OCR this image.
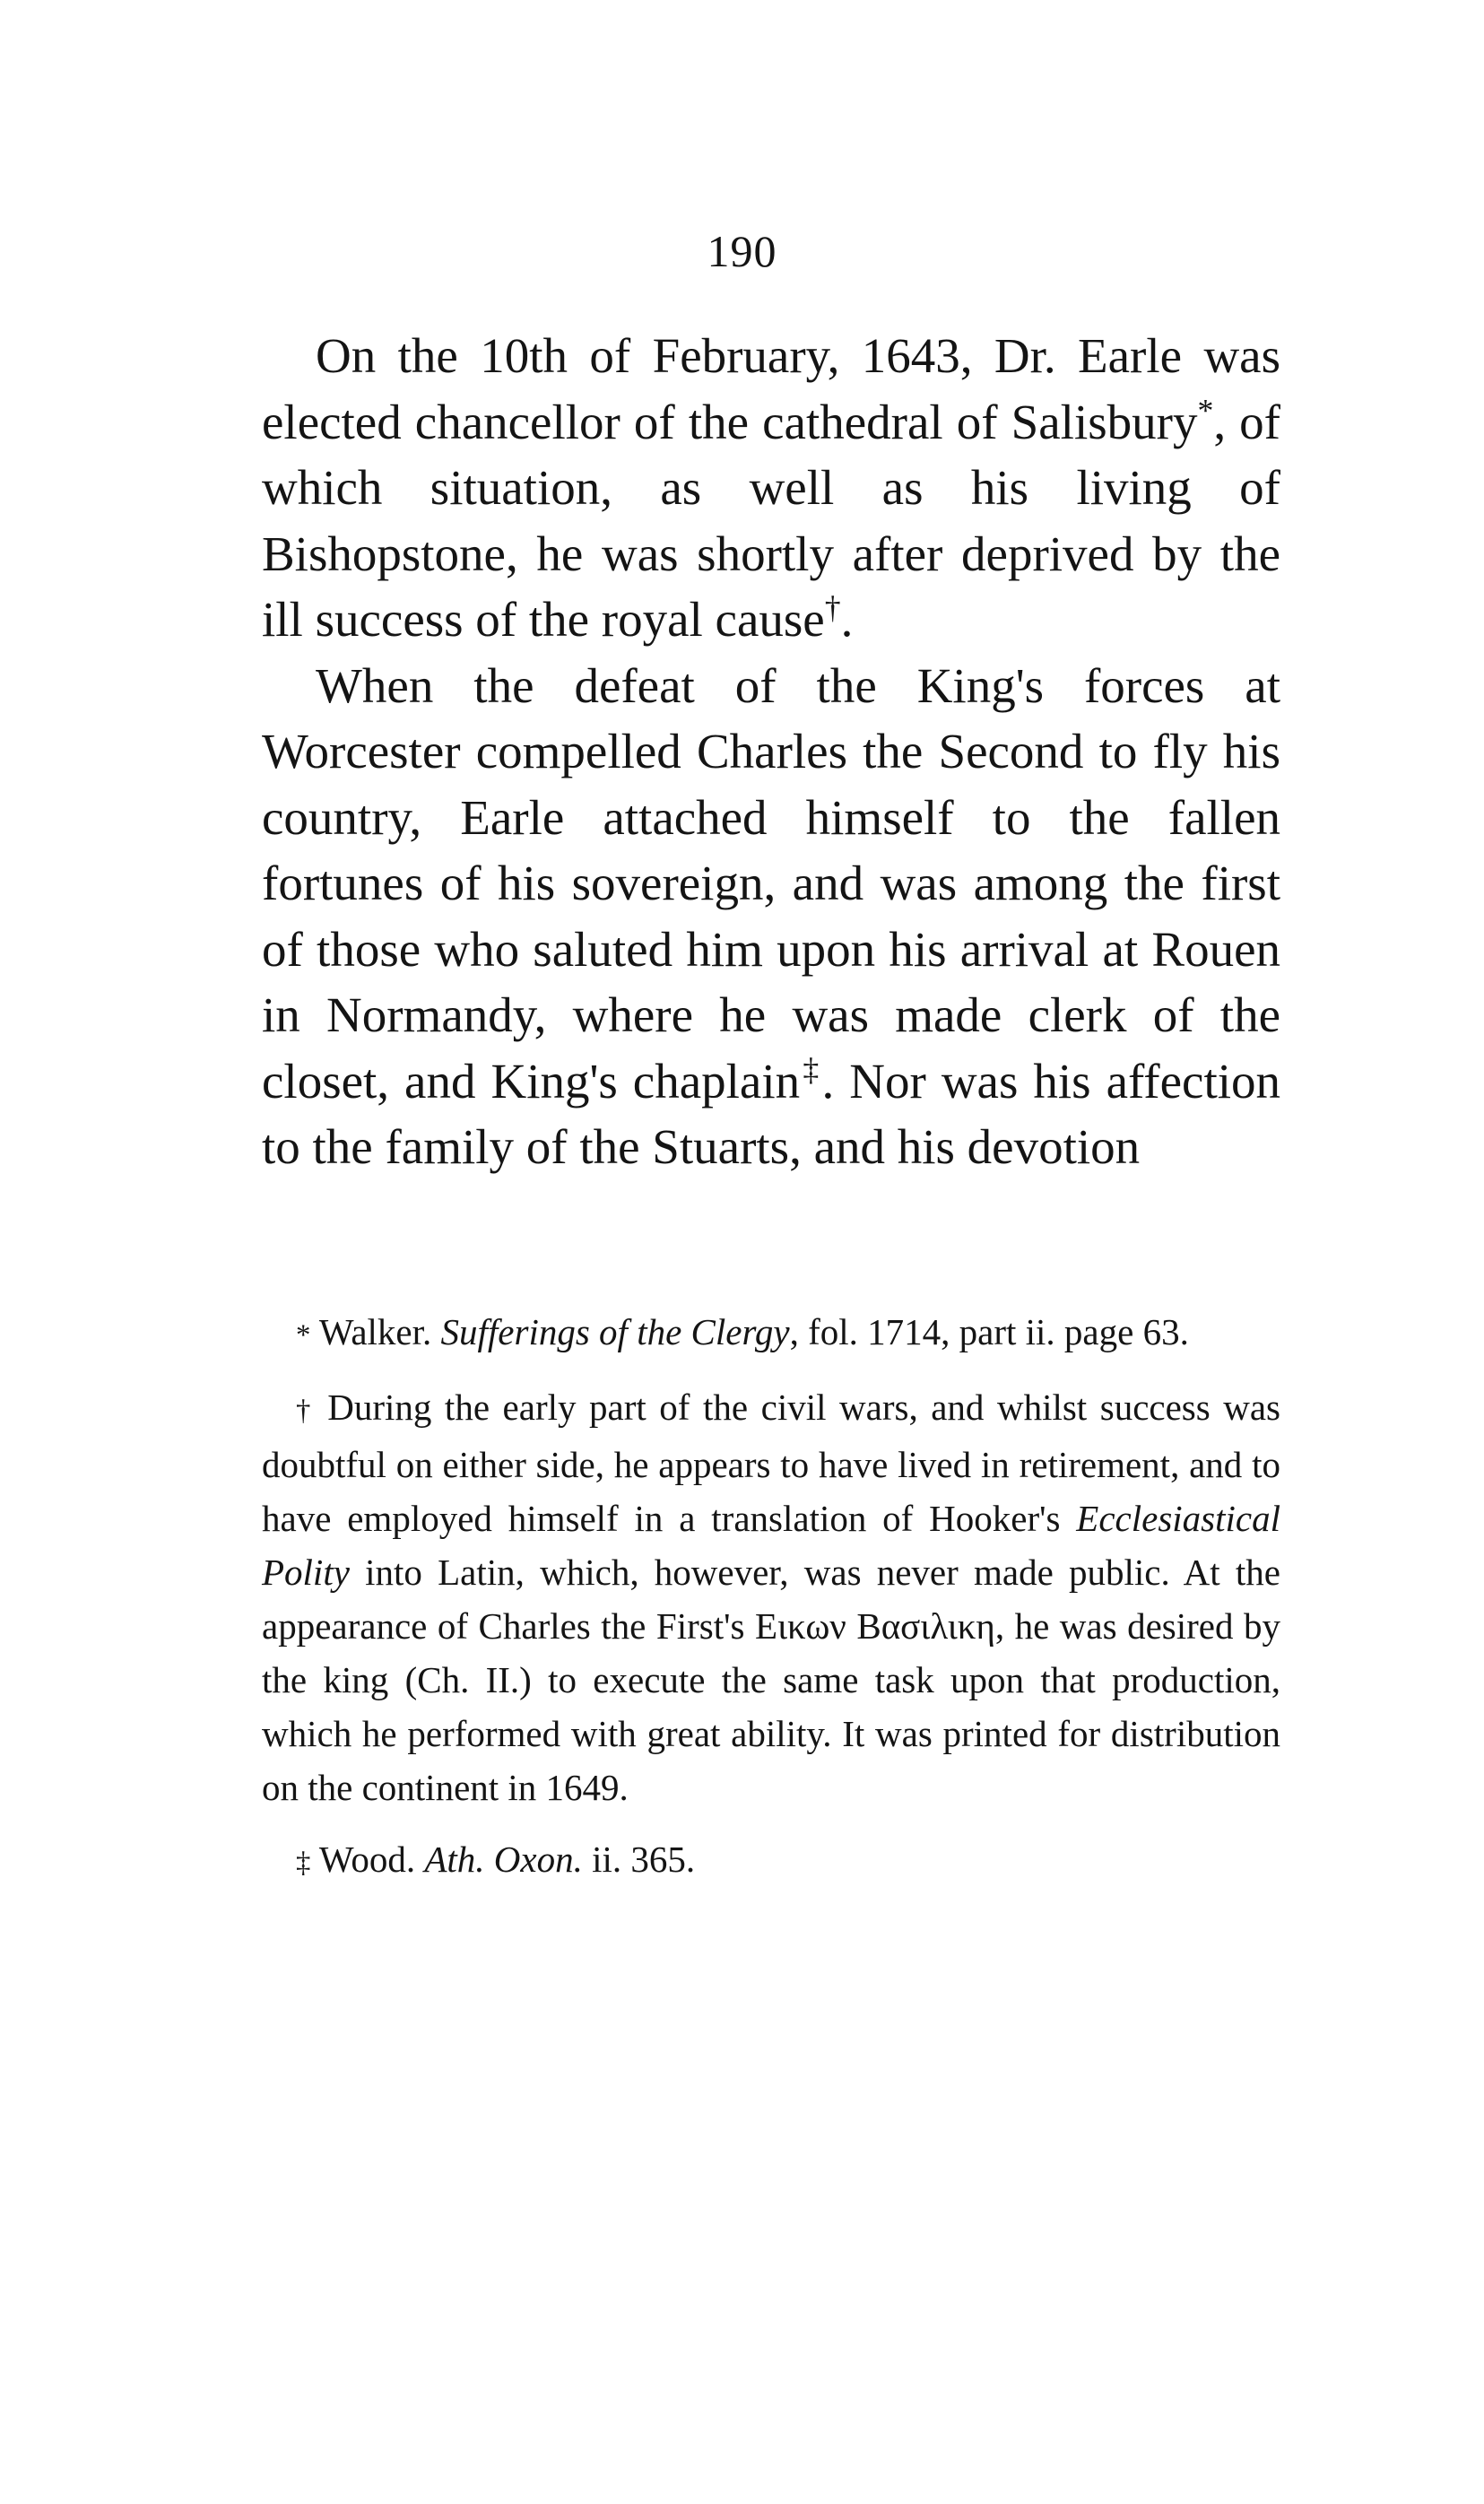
190

On the 10th of February, 1643, Dr. Earle was elected chancellor of the cathedral of Salisbury*, of which situation, as well as his living of Bishopstone, he was shortly after deprived by the ill success of the royal cause†.

When the defeat of the King's forces at Worcester compelled Charles the Second to fly his country, Earle attached himself to the fallen fortunes of his sovereign, and was among the first of those who saluted him upon his arrival at Rouen in Normandy, where he was made clerk of the closet, and King's chaplain‡. Nor was his affection to the family of the Stuarts, and his devotion

* Walker. Sufferings of the Clergy, fol. 1714, part ii. page 63.

† During the early part of the civil wars, and whilst success was doubtful on either side, he appears to have lived in retirement, and to have employed himself in a translation of Hooker's Ecclesiastical Polity into Latin, which, however, was never made public. At the appearance of Charles the First's Εικων Βασιλικη, he was desired by the king (Ch. II.) to execute the same task upon that production, which he performed with great ability. It was printed for distribution on the continent in 1649.

‡ Wood. Ath. Oxon. ii. 365.
